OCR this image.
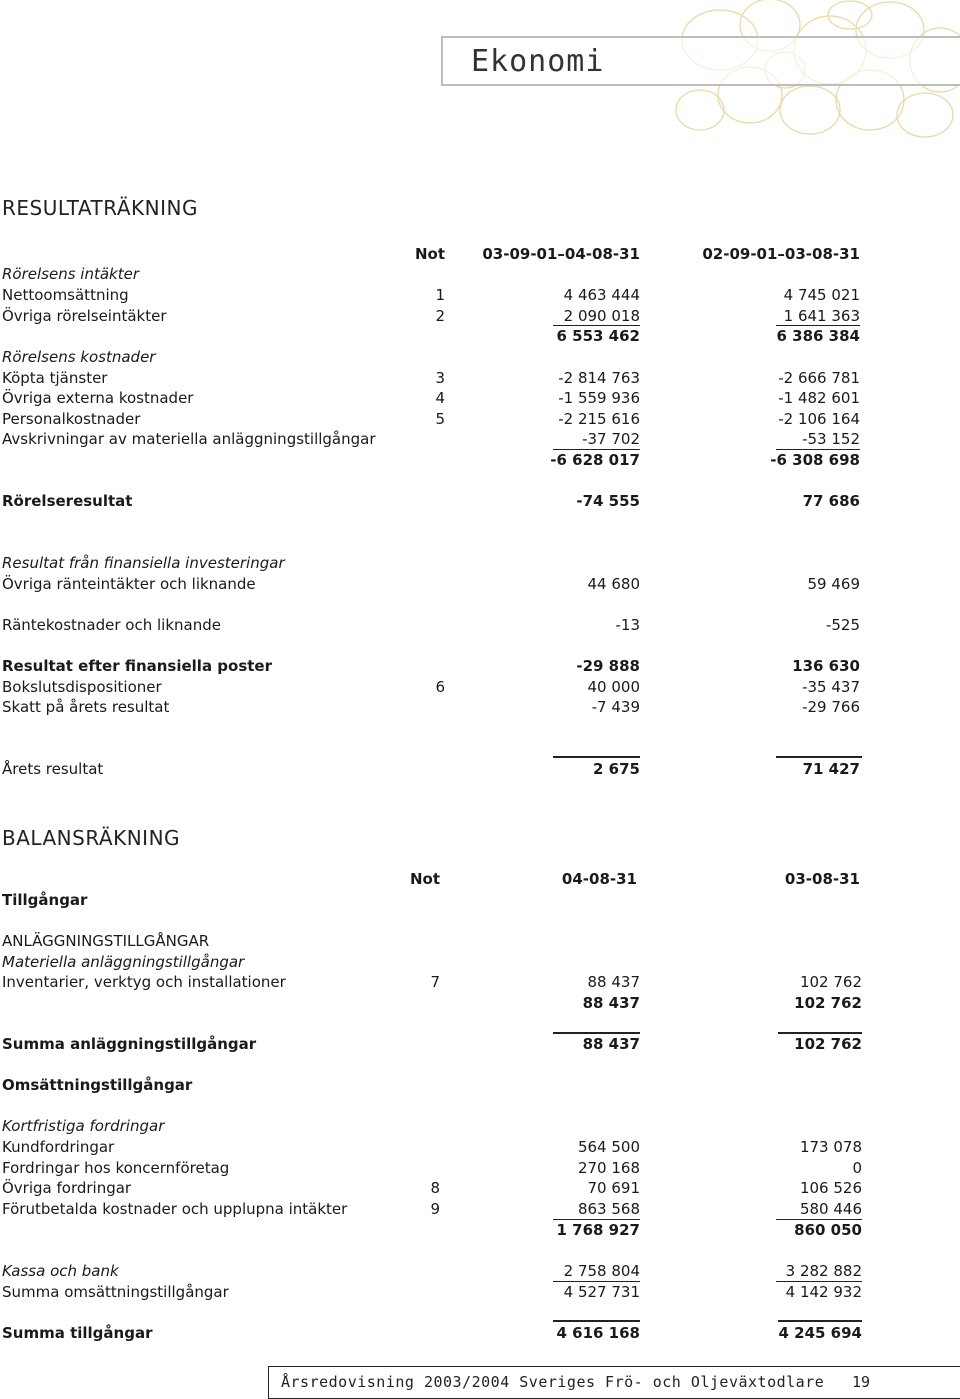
Ekonomi
RESULTATRÄKNING
Not	03-09-01–04-08-31	02-09-01–03-08-31
Rörelsens intäkter
Nettoomsättning	1	4 463 444	4 745 021
Övriga rörelseintäkter	2	2 090 018	1 641 363
6 553 462	6 386 384
Rörelsens kostnader
Köpta tjänster	3	-2 814 763	-2 666 781
Övriga externa kostnader	4	-1 559 936	-1 482 601
Personalkostnader	5	-2 215 616	-2 106 164
Avskrivningar av materiella anläggningstillgångar	-37 702	-53 152
-6 628 017	-6 308 698
Rörelseresultat	-74 555	77 686
Resultat från finansiella investeringar
Övriga ränteintäkter och liknande	44 680	59 469
Räntekostnader och liknande	-13	-525
Resultat efter finansiella poster	-29 888	136 630
Bokslutsdispositioner	6	40 000	-35 437
Skatt på årets resultat	-7 439	-29 766
Årets resultat	2 675	71 427
BALANSRÄKNING
Not	04-08-31	03-08-31
Tillgångar
ANLÄGGNINGSTILLGÅNGAR
Materiella anläggningstillgångar
Inventarier, verktyg och installationer	7	88 437	102 762
88 437	102 762
Summa anläggningstillgångar	88 437	102 762
Omsättningstillgångar
Kortfristiga fordringar
Kundfordringar	564 500	173 078
Fordringar hos koncernföretag	270 168	0
Övriga fordringar	8	70 691	106 526
Förutbetalda kostnader och upplupna intäkter	9	863 568	580 446
1 768 927	860 050
Kassa och bank	2 758 804	3 282 882
Summa omsättningstillgångar	4 527 731	4 142 932
Summa tillgångar	4 616 168	4 245 694
Årsredovisning 2003/2004 Sveriges Frö- och Oljeväxtodlare 19
